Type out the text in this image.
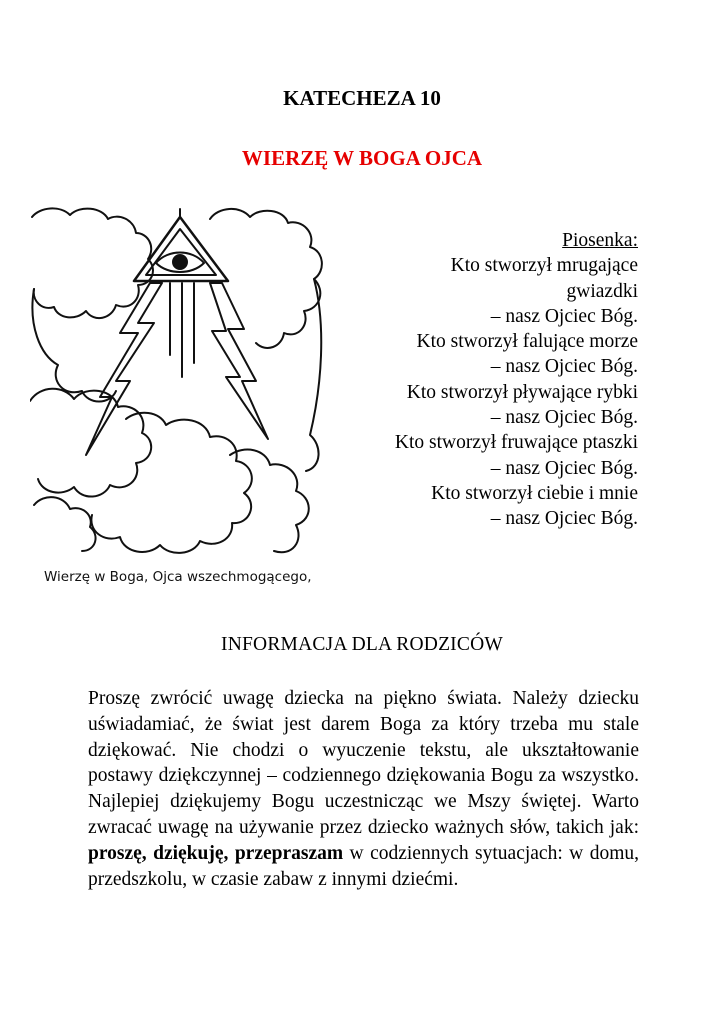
KATECHEZA 10
WIERZĘ W BOGA OJCA
Wierzę w Boga, Ojca wszechmogącego,
Piosenka:
Kto stworzył mrugające
gwiazdki
– nasz Ojciec Bóg.
Kto stworzył falujące morze
– nasz Ojciec Bóg.
Kto stworzył pływające rybki
– nasz Ojciec Bóg.
Kto stworzył fruwające ptaszki
– nasz Ojciec Bóg.
Kto stworzył ciebie i mnie
– nasz Ojciec Bóg.
INFORMACJA DLA RODZICÓW
Proszę zwrócić uwagę dziecka na piękno świata. Należy dziecku uświadamiać, że świat jest darem Boga za który trzeba mu stale dziękować. Nie chodzi o wyuczenie tekstu, ale ukształtowanie postawy dziękczynnej – codziennego dziękowania Bogu za wszystko. Najlepiej dziękujemy Bogu uczestnicząc we Mszy świętej. Warto zwracać uwagę na używanie przez dziecko ważnych słów, takich jak: proszę, dziękuję, przepraszam w codziennych sytuacjach: w domu, przedszkolu, w czasie zabaw z innymi dziećmi.
